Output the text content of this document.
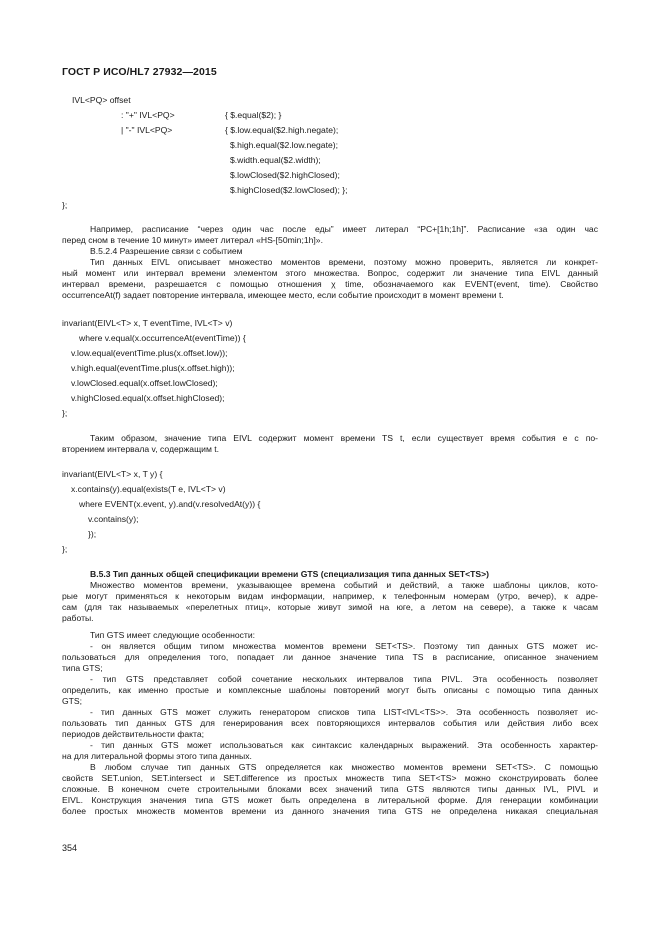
ГОСТ Р ИСО/HL7 27932—2015
IVL<PQ> offset
: "+" IVL<PQ>	{ $.equal($2); }
| "-" IVL<PQ>	{ $.low.equal($2.high.negate);
$.high.equal($2.low.negate);
$.width.equal($2.width);
$.lowClosed($2.highClosed);
$.highClosed($2.lowClosed); };
};
Например, расписание “через один час после еды” имеет литерал “PC+[1h;1h]”. Расписание «за один час
перед сном в течение 10 минут» имеет литерал «HS-[50min;1h]».
B.5.2.4 Разрешение связи с событием
Тип данных EIVL описывает множество моментов времени, поэтому можно проверить, является ли конкрет-
ный момент или интервал времени элементом этого множества. Вопрос, содержит ли значение типа EIVL данный
интервал времени, разрешается с помощью отношения χ time, обозначаемого как EVENT(event, time). Свойство
occurrenceAt(f) задает повторение интервала, имеющее место, если событие происходит в момент времени t.
invariant(EIVL<T> x, T eventTime, IVL<T> v)
where v.equal(x.occurrenceAt(eventTime)) {
v.low.equal(eventTime.plus(x.offset.low));
v.high.equal(eventTime.plus(x.offset.high));
v.lowClosed.equal(x.offset.lowClosed);
v.highClosed.equal(x.offset.highClosed);
};
Таким образом, значение типа EIVL содержит момент времени TS t, если существует время события e с по-
вторением интервала v, содержащим t.
invariant(EIVL<T> x, T y) {
x.contains(y).equal(exists(T e, IVL<T> v)
where EVENT(x.event, y).and(v.resolvedAt(y)) {
v.contains(y);
});
};
B.5.3 Тип данных общей спецификации времени GTS (специализация типа данных SET<TS>)
Множество моментов времени, указывающее времена событий и действий, а также шаблоны циклов, кото-
рые могут применяться к некоторым видам информации, например, к телефонным номерам (утро, вечер), к адре-
сам (для так называемых «перелетных птиц», которые живут зимой на юге, а летом на севере), а также к часам
работы.
Тип GTS имеет следующие особенности:
- он является общим типом множества моментов времени SET<TS>. Поэтому тип данных GTS может ис-
пользоваться для определения того, попадает ли данное значение типа TS в расписание, описанное значением
типа GTS;
- тип GTS представляет собой сочетание нескольких интервалов типа PIVL. Эта особенность позволяет
определить, как именно простые и комплексные шаблоны повторений могут быть описаны с помощью типа данных
GTS;
- тип данных GTS может служить генератором списков типа LIST<IVL<TS>>. Эта особенность позволяет ис-
пользовать тип данных GTS для генерирования всех повторяющихся интервалов события или действия либо всех
периодов действительности факта;
- тип данных GTS может использоваться как синтаксис календарных выражений. Эта особенность характер-
на для литеральной формы этого типа данных.
В любом случае тип данных GTS определяется как множество моментов времени SET<TS>. С помощью
свойств SET.union, SET.intersect и SET.difference из простых множеств типа SET<TS> можно сконструировать более
сложные. В конечном счете строительными блоками всех значений типа GTS являются типы данных IVL, PIVL и
EIVL. Конструкция значения типа GTS может быть определена в литеральной форме. Для генерации комбинации
более простых множеств моментов времени из данного значения типа GTS не определена никакая специальная
354
